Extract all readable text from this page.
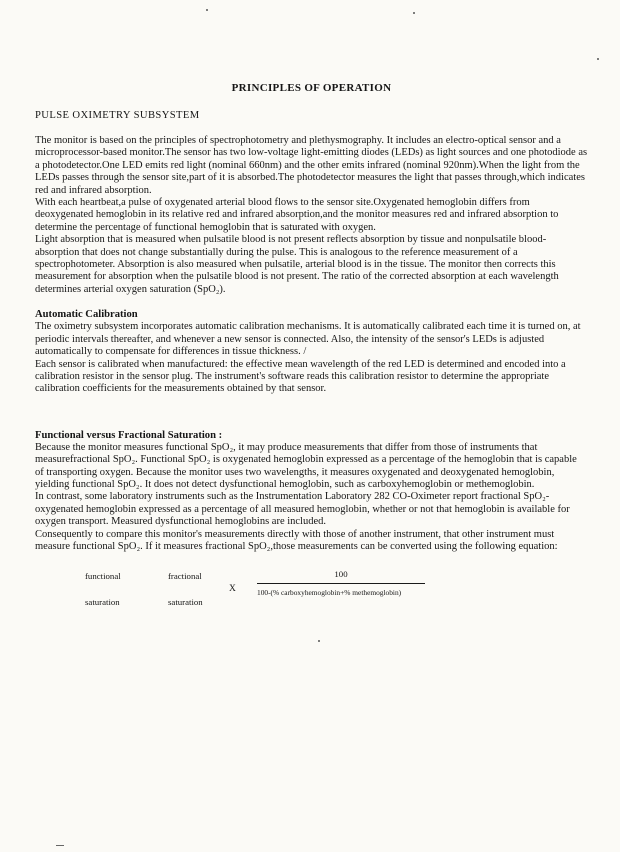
PRINCIPLES OF OPERATION
PULSE OXIMETRY SUBSYSTEM

The monitor is based on the principles of spectrophotometry and plethysmography. It includes an electro-optical sensor and a microprocessor-based monitor.The sensor has two low-voltage light-emitting diodes (LEDs) as light sources and one photodiode as a photodetector.One LED emits red light (nominal 660nm) and the other emits infrared (nominal 920nm).When the light from the LEDs passes through the sensor site,part of it is absorbed.The photodetector measures the light that passes through,which indicates red and infrared absorption.

With each heartbeat,a pulse of oxygenated arterial blood flows to the sensor site.Oxygenated hemoglobin differs from deoxygenated hemoglobin in its relative red and infrared absorption,and the monitor measures red and infrared absorption to determine the percentage of functional hemoglobin that is saturated with oxygen.

Light absorption that is measured when pulsatile blood is not present reflects absorption by tissue and nonpulsatile blood-absorption that does not change substantially during the pulse. This is analogous to the reference measurement of a spectrophotometer. Absorption is also measured when pulsatile, arterial blood is in the tissue. The monitor then corrects this measurement for absorption when the pulsatile blood is not present. The ratio of the corrected absorption at each wavelength determines arterial oxygen saturation (SpO₂).

Automatic Calibration

The oximetry subsystem incorporates automatic calibration mechanisms. It is automatically calibrated each time it is turned on, at periodic intervals thereafter, and whenever a new sensor is connected. Also, the intensity of the sensor's LEDs is adjusted automatically to compensate for differences in tissue thickness. /

Each sensor is calibrated when manufactured: the effective mean wavelength of the red LED is determined and encoded into a calibration resistor in the sensor plug. The instrument's software reads this calibration resistor to determine the appropriate calibration coefficients for the measurements obtained by that sensor.

Functional versus Fractional Saturation :

Because the monitor measures functional SpO₂, it may produce measurements that differ from those of instruments that measurefractional SpO₂. Functional SpO₂ is oxygenated hemoglobin expressed as a percentage of the hemoglobin that is capable of transporting oxygen. Because the monitor uses two wavelengths, it measures oxygenated and deoxygenated hemoglobin, yielding functional SpO₂. It does not detect dysfunctional hemoglobin, such as carboxyhemoglobin or methemoglobin.

In contrast, some laboratory instruments such as the Instrumentation Laboratory 282 CO-Oximeter report fractional SpO₂-oxygenated hemoglobin expressed as a percentage of all measured hemoglobin, whether or not that hemoglobin is available for oxygen transport. Measured dysfunctional hemoglobins are included.

Consequently to compare this monitor's measurements directly with those of another instrument, that other instrument must measure functional SpO₂. If it measures fractional SpO₂,those measurements can be converted using the following equation:

functional
saturation
fractional
saturation
X
100
100-(% carboxyhemoglobin+% methemoglobin)
